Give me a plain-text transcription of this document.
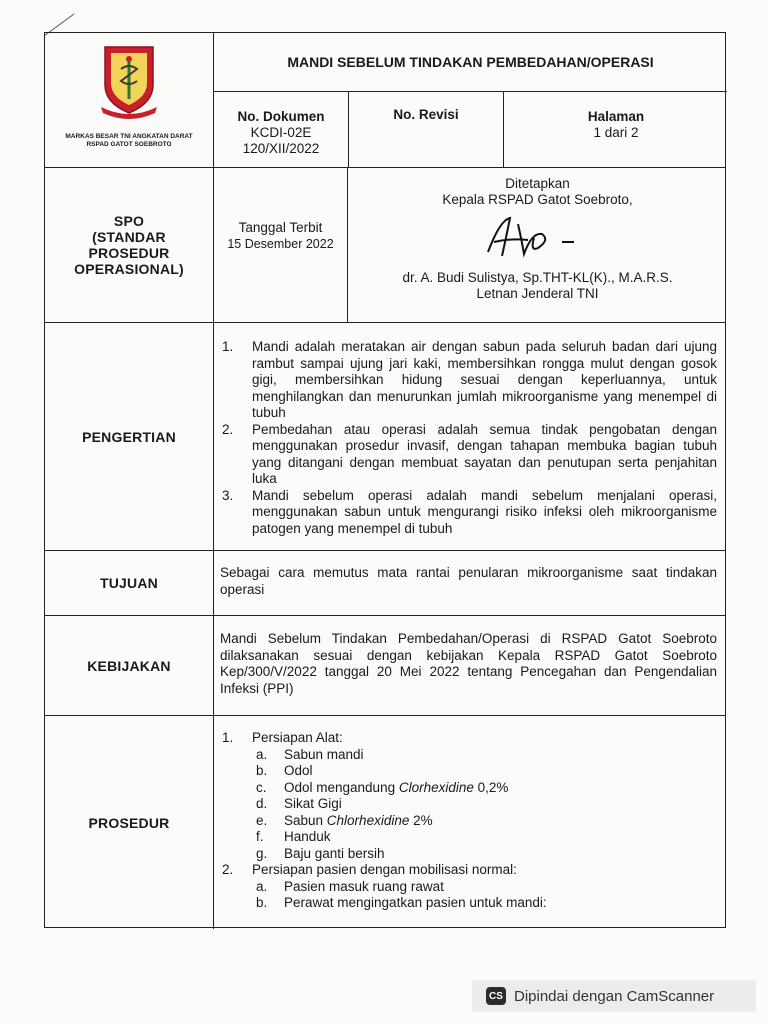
MARKAS BESAR TNI ANGKATAN DARAT
RSPAD GATOT SOEBROTO
MANDI SEBELUM TINDAKAN PEMBEDAHAN/OPERASI
No. Dokumen
KCDI-02E
120/XII/2022
No. Revisi	Halaman
1 dari 2
SPO
(STANDAR
PROSEDUR
OPERASIONAL)
Tanggal Terbit
15 Desember 2022
Ditetapkan
Kepala RSPAD Gatot Soebroto,
dr. A. Budi Sulistya, Sp.THT-KL(K)., M.A.R.S.
Letnan Jenderal TNI
PENGERTIAN
1. Mandi adalah meratakan air dengan sabun pada seluruh badan dari ujung rambut sampai ujung jari kaki, membersihkan rongga mulut dengan gosok gigi, membersihkan hidung sesuai dengan keperluannya, untuk menghilangkan dan menurunkan jumlah mikroorganisme yang menempel di tubuh
2. Pembedahan atau operasi adalah semua tindak pengobatan dengan menggunakan prosedur invasif, dengan tahapan membuka bagian tubuh yang ditangani dengan membuat sayatan dan penutupan serta penjahitan luka
3. Mandi sebelum operasi adalah mandi sebelum menjalani operasi, menggunakan sabun untuk mengurangi risiko infeksi oleh mikroorganisme patogen yang menempel di tubuh
TUJUAN
Sebagai cara memutus mata rantai penularan mikroorganisme saat tindakan operasi
KEBIJAKAN
Mandi Sebelum Tindakan Pembedahan/Operasi di RSPAD Gatot Soebroto dilaksanakan sesuai dengan kebijakan Kepala RSPAD Gatot Soebroto Kep/300/V/2022 tanggal 20 Mei 2022 tentang Pencegahan dan Pengendalian Infeksi (PPI)
PROSEDUR
1. Persiapan Alat:
a. Sabun mandi
b. Odol
c. Odol mengandung Clorhexidine 0,2%
d. Sikat Gigi
e. Sabun Chlorhexidine 2%
f. Handuk
g. Baju ganti bersih
2. Persiapan pasien dengan mobilisasi normal:
a. Pasien masuk ruang rawat
b. Perawat mengingatkan pasien untuk mandi:
CS Dipindai dengan CamScanner
